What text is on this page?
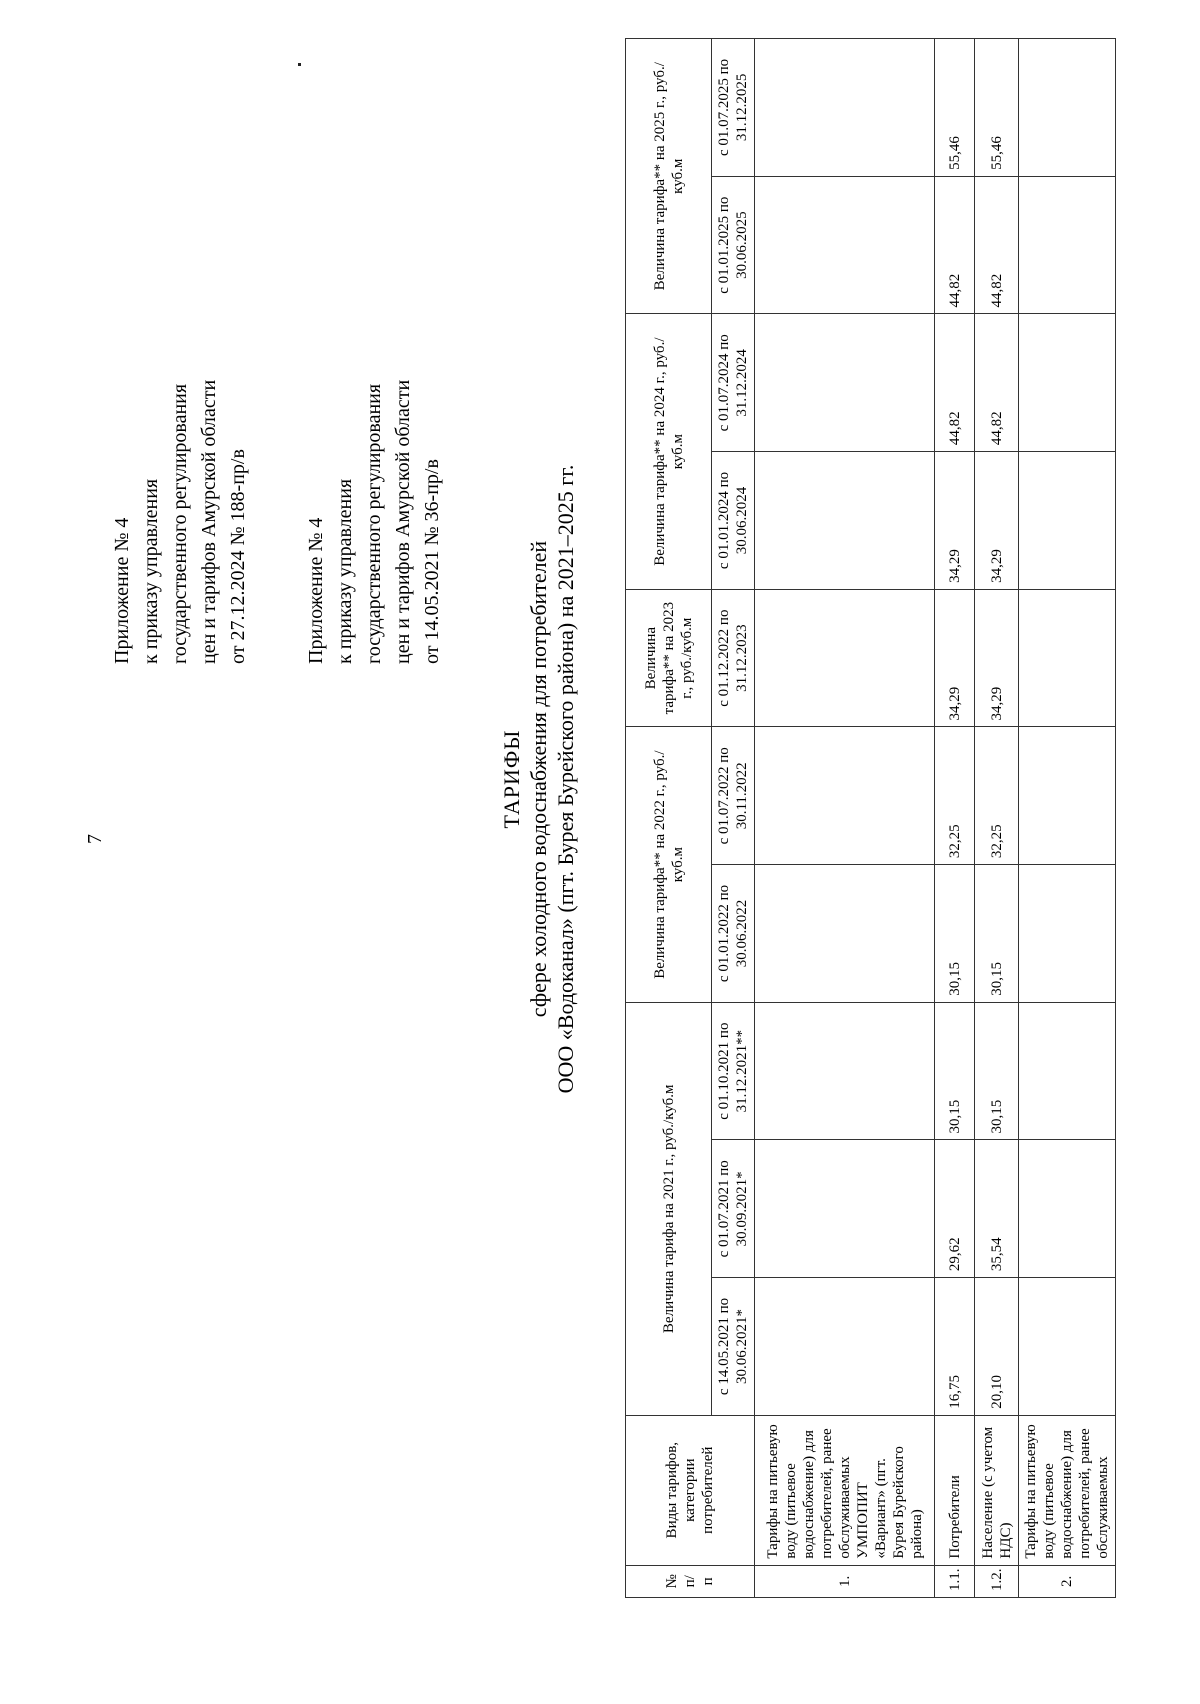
7
Приложение № 4 к приказу управления государственного регулирования цен и тарифов Амурской области от 27.12.2024 № 188-пр/в	Приложение № 4 к приказу управления государственного регулирования цен и тарифов Амурской области от 14.05.2021 № 36-пр/в
ТАРИФЫ сфере холодного водоснабжения для потребителей ООО «Водоканал» (пгт. Бурея Бурейского района) на 2021–2025 гг.
№ п/п	Виды тарифов, категории потребителей	Величина тарифа на 2021 г., руб./куб.м			Величина тарифа** на 2022 г., руб./куб.м		Величина тарифа** на 2023 г., руб./куб.м	Величина тарифа** на 2024 г., руб./куб.м		Величина тарифа** на 2025 г., руб./куб.м	
		с 14.05.2021 по 30.06.2021*	с 01.07.2021 по 30.09.2021*	с 01.10.2021 по 31.12.2021**	с 01.01.2022 по 30.06.2022	с 01.07.2022 по 30.11.2022	с 01.12.2022 по 31.12.2023	с 01.01.2024 по 30.06.2024	с 01.07.2024 по 31.12.2024	с 01.01.2025 по 30.06.2025	с 01.07.2025 по 31.12.2025
1.	Тарифы на питьевую воду (питьевое водоснабжение) для потребителей, ранее обслуживаемых УМПОПИТ «Вариант» (пгт. Бурея Бурейского района)										
1.1.	Потребители	16,75	29,62	30,15	30,15	32,25	34,29	34,29	44,82	44,82	55,46
1.2.	Население (с учетом НДС)	20,10	35,54	30,15	30,15	32,25	34,29	34,29	44,82	44,82	55,46
2.	Тарифы на питьевую воду (питьевое водоснабжение) для потребителей, ранее обслуживаемых										
